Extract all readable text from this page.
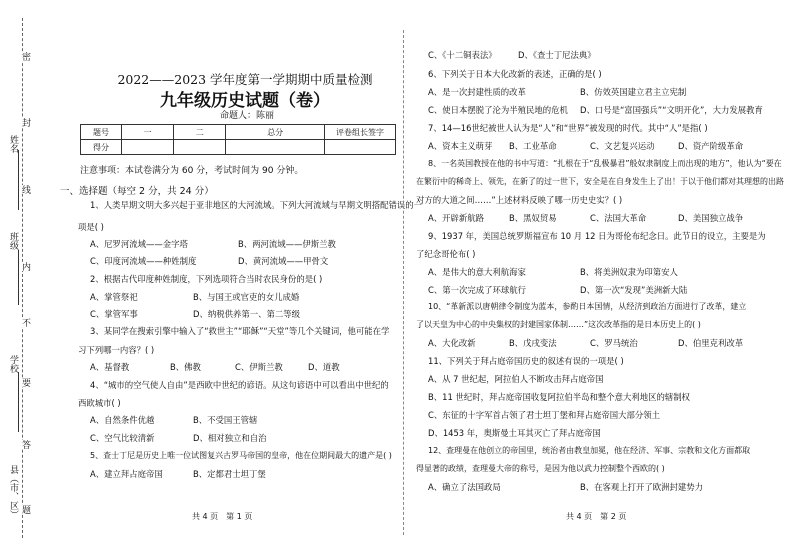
姓名
班级
学校
县（市、区）
密
封
线
内
不
要
答
题
2022——2023 学年度第一学期期中质量检测
九年级历史试题（卷）
命题人：陈丽
题号	一	二	总分	评卷组长签字
得分				
注意事项：本试卷满分为 60 分，考试时间为 90 分钟。
一、选择题（每空 2 分，共 24 分）
1、人类早期文明大多兴起于亚非地区的大河流域。下列大河流域与早期文明搭配错误的一
项是( )
A、尼罗河流域——金字塔	B、两河流域——伊斯兰教
C、印度河流域——种姓制度	D、黄河流域——甲骨文
2、根据古代印度种姓制度，下列选项符合当时农民身份的是( )
A、掌管祭祀	B、与国王或官吏的女儿成婚
C、掌管军事	D、纳税供养第一、第二等级
3、某同学在搜索引擎中输入了“救世主”“耶稣”“天堂”等几个关键词，他可能在学
习下列哪一内容？( )
A、基督教	B、佛教	C、伊斯兰教	D、道教
4、“城市的空气使人自由”是西欧中世纪的谚语。从这句谚语中可以看出中世纪的
西欧城市( )
A、自然条件优越	B、不受国王管辖
C、空气比较清新	D、相对独立和自治
5、查士丁尼是历史上唯一位试图复兴古罗马帝国的皇帝，他在位期间最大的遗产是( )
A、建立拜占庭帝国	B、定都君士坦丁堡
共 4 页　第 1 页
C、《十二铜表法》	D、《查士丁尼法典》
6、下列关于日本大化改新的表述，正确的是( )
A、是一次封建性质的改革	B、仿效英国建立君主立宪制
C、使日本摆脱了沦为半殖民地的危机 D、口号是“富国强兵”“文明开化”，大力发展教育
7、14—16世纪被世人认为是“人”和“世界”被发现的时代。其中“人”是指( )
A、资本主义萌芽 B、工业革命	C、文艺复兴运动	D、资产阶级革命
8、一名英国教授在他的书中写道：“扎根在于“乱极暴君”般奴隶制度上而出现的地方”，他认为“要在
在繁衍中的稀奇上、领先，在新了的过一世下，安全是在自身发生上了出！于以于他们都对其理想的出路
对方的大道之间……”上述材料反映了哪一历史史实？( )
A、开辟新航路	B、黑奴贸易	C、法国大革命	D、美国独立战争
9、1937 年，美国总统罗斯福宣布 10 月 12 日为哥伦布纪念日。此节日的设立，主要是为
了纪念哥伦布( )
A、是伟大的意大利航海家	B、将美洲奴隶为印第安人
C、第一次完成了环球航行	D、第一次“发现”美洲新大陆
10、“革新派以唐朝律令制度为蓝本，参酌日本国情，从经济到政治方面进行了改革，建立
了以天皇为中心的中央集权的封建国家体制……”这次改革指的是日本历史上的( )
A、大化改新	B、戊戌变法	C、罗马统治	D、伯里克利改革
11、下列关于拜占庭帝国历史的叙述有误的一项是( )
A、从 7 世纪起，阿拉伯人不断攻击拜占庭帝国
B、11 世纪时，拜占庭帝国收复阿拉伯半岛和整个意大利地区的辖制权
C、东征的十字军首占领了君士坦丁堡和拜占庭帝国大部分领土
D、1453 年，奥斯曼土耳其灭亡了拜占庭帝国
12、查理曼在他创立的帝国里，统治者由教皇加冕，他在经济、军事、宗教和文化方面都取
得显著的政绩，查理曼大帝的称号，是因为他以武力控制整个西欧的( )
A、确立了法国政局	B、在客观上打开了欧洲封建势力
共 4 页　第 2 页
